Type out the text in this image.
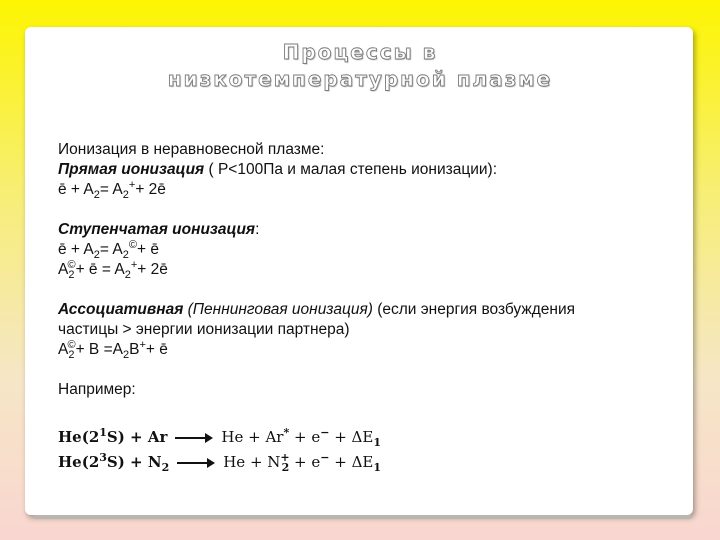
Процессы в
низкотемпературной плазме
Ионизация в неравновесной плазме:
Прямая ионизация ( Р<100Па и малая степень ионизации):
ē + $A_2= A_2^++$ 2ē
Ступенчатая ионизация:
ē + $A_2= A_2©+$ ē
$A_2©+$ ē = $A_2^++$ 2ē
Ассоциативная (Пеннинговая ионизация) (если энергия возбуждения
частицы > энергии ионизации партнера)
$A_2©+ B =A_2B^++$ ē
Например:
$He(2^1S) + Ar$	$He + Ar^* + e^- + \Delta E_1$
$He(2^3S) + N_2$	$He + N^+_2 + e^- + \Delta E_1$
